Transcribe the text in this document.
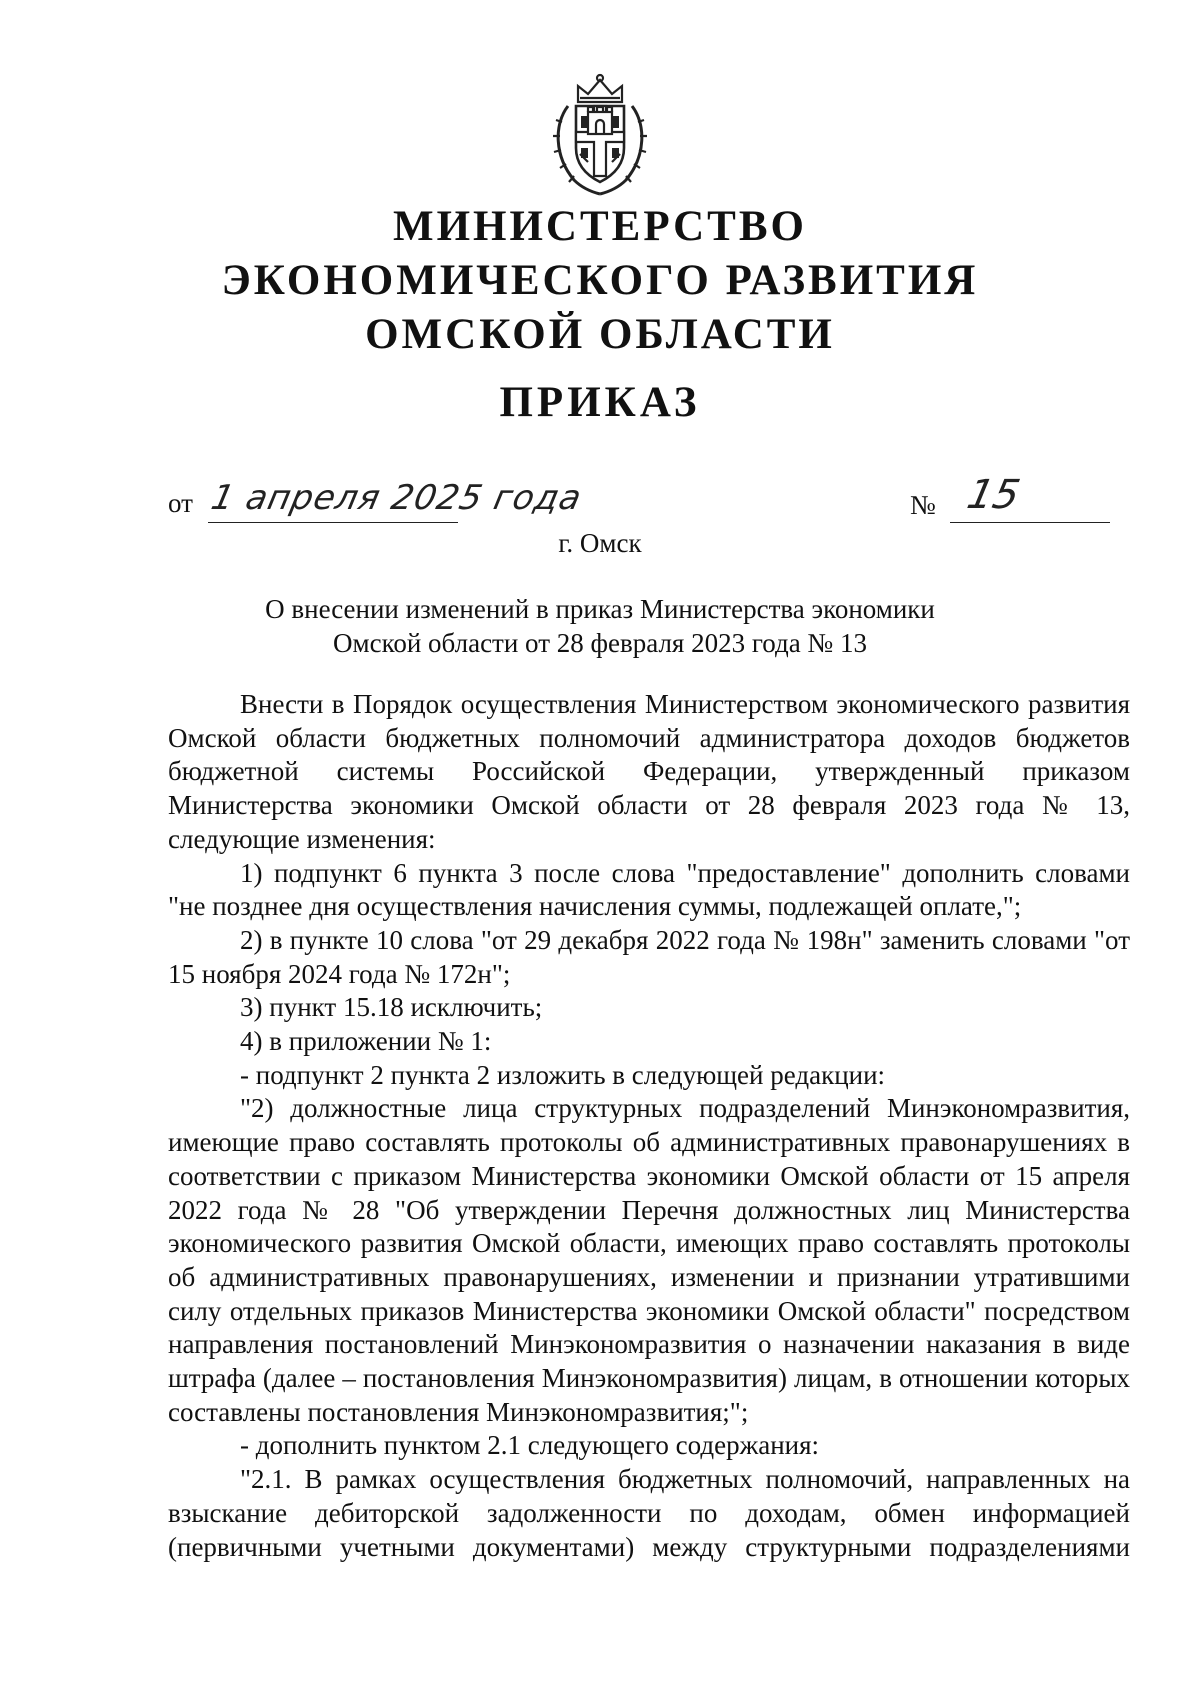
МИНИСТЕРСТВО
ЭКОНОМИЧЕСКОГО РАЗВИТИЯ
ОМСКОЙ ОБЛАСТИ
ПРИКАЗ
от 1 апреля 2025 года	№ 15
г. Омск
О внесении изменений в приказ Министерства экономики
Омской области от 28 февраля 2023 года № 13

Внести в Порядок осуществления Министерством экономического развития Омской области бюджетных полномочий администратора доходов бюджетов бюджетной системы Российской Федерации, утвержденный приказом Министерства экономики Омской области от 28 февраля 2023 года № 13, следующие изменения:

1) подпункт 6 пункта 3 после слова "предоставление" дополнить словами "не позднее дня осуществления начисления суммы, подлежащей оплате,";

2) в пункте 10 слова "от 29 декабря 2022 года № 198н" заменить словами "от 15 ноября 2024 года № 172н";

3) пункт 15.18 исключить;

4) в приложении № 1:

- подпункт 2 пункта 2 изложить в следующей редакции:

"2) должностные лица структурных подразделений Минэкономразвития, имеющие право составлять протоколы об административных правонарушениях в соответствии с приказом Министерства экономики Омской области от 15 апреля 2022 года № 28 "Об утверждении Перечня должностных лиц Министерства экономического развития Омской области, имеющих право составлять протоколы об административных правонарушениях, изменении и признании утратившими силу отдельных приказов Министерства экономики Омской области" посредством направления постановлений Минэкономразвития о назначении наказания в виде штрафа (далее – постановления Минэкономразвития) лицам, в отношении которых составлены постановления Минэкономразвития;";

- дополнить пунктом 2.1 следующего содержания:

"2.1. В рамках осуществления бюджетных полномочий, направленных на взыскание дебиторской задолженности по доходам, обмен информацией (первичными учетными документами) между структурными подразделениями
